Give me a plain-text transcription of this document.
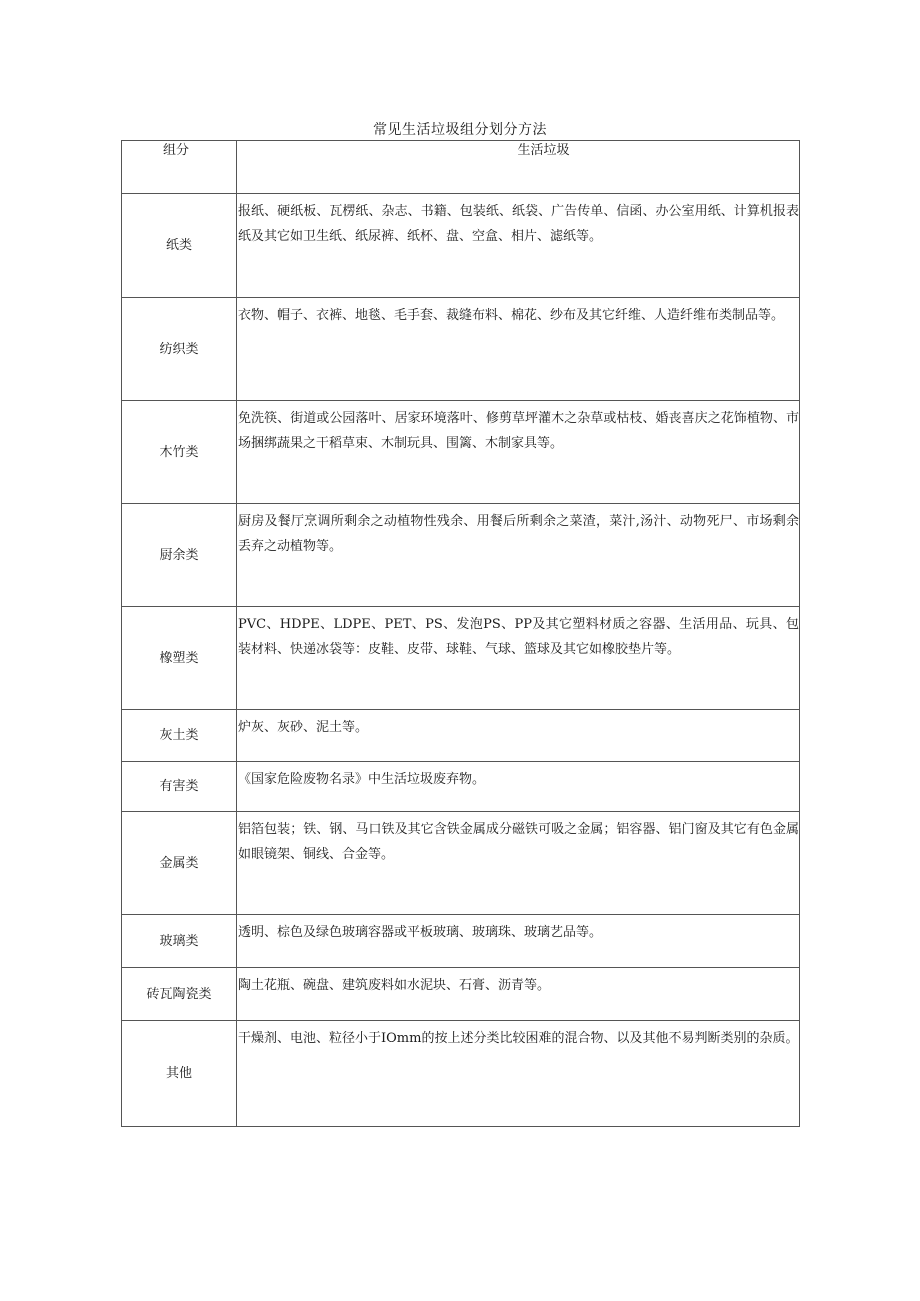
常见生活垃圾组分划分方法
组分	生活垃圾

纸类	报纸、硬纸板、瓦楞纸、杂志、书籍、包装纸、纸袋、广告传单、信函、办公室用纸、计算机报表纸及其它如卫生纸、纸尿裤、纸杯、盘、空盒、相片、滤纸等。
纺织类	衣物、帽子、衣裤、地毯、毛手套、裁缝布料、棉花、纱布及其它纤维、人造纤维布类制品等。
木竹类	免洗筷、街道或公园落叶、居家环境落叶、修剪草坪灌木之杂草或枯枝、婚丧喜庆之花饰植物、市场捆绑蔬果之干稻草束、木制玩具、围篱、木制家具等。
厨余类	厨房及餐厅烹调所剩余之动植物性残余、用餐后所剩余之菜渣，菜汁,汤汁、动物死尸、市场剩余丢弃之动植物等。
橡塑类	PVC、HDPE、LDPE、PET、PS、发泡PS、PP及其它塑料材质之容器、生活用品、玩具、包装材料、快递冰袋等：皮鞋、皮带、球鞋、气球、篮球及其它如橡胶垫片等。
灰土类	炉灰、灰砂、泥土等。
有害类	《国家危险废物名录》中生活垃圾废弃物。
金属类	铝箔包装；铁、钢、马口铁及其它含铁金属成分磁铁可吸之金属；铝容器、铝门窗及其它有色金属如眼镜架、铜线、合金等。
玻璃类	透明、棕色及绿色玻璃容器或平板玻璃、玻璃珠、玻璃艺品等。
砖瓦陶瓷类	陶土花瓶、碗盘、建筑废料如水泥块、石膏、沥青等。
其他	干燥剂、电池、粒径小于IOmm的按上述分类比较困难的混合物、以及其他不易判断类别的杂质。
